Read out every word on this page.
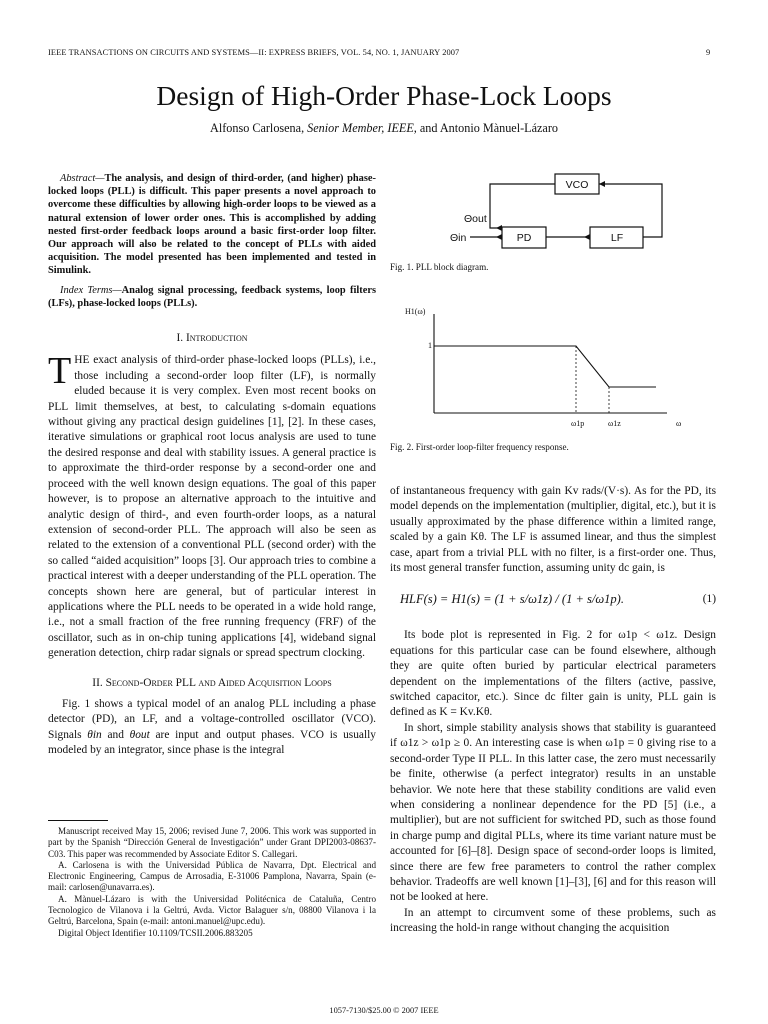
IEEE TRANSACTIONS ON CIRCUITS AND SYSTEMS—II: EXPRESS BRIEFS, VOL. 54, NO. 1, JANUARY 2007	9
Design of High-Order Phase-Lock Loops
Alfonso Carlosena, Senior Member, IEEE, and Antonio Mànuel-Lázaro

Abstract—The analysis, and design of third-order, (and higher) phase-locked loops (PLL) is difficult. This paper presents a novel approach to overcome these difficulties by allowing high-order loops to be viewed as a natural extension of lower order ones. This is accomplished by adding nested first-order feedback loops around a basic first-order loop filter. Our approach will also be related to the concept of PLLs with aided acquisition. The model presented has been implemented and tested in Simulink.

Index Terms—Analog signal processing, feedback systems, loop filters (LFs), phase-locked loops (PLLs).

I. Introduction

THE exact analysis of third-order phase-locked loops (PLLs), i.e., those including a second-order loop filter (LF), is normally eluded because it is very complex. Even most recent books on PLL limit themselves, at best, to calculating s-domain equations without giving any practical design guidelines [1], [2]. In these cases, iterative simulations or graphical root locus analysis are used to tune the desired response and deal with stability issues. A general practice is to approximate the third-order response by a second-order one and proceed with the well known design equations. The goal of this paper however, is to propose an alternative approach to the intuitive and analytic design of third-, and even fourth-order loops, as a natural extension of second-order PLL. The approach will also be seen as related to the extension of a conventional PLL (second order) with the so called “aided acquisition” loops [3]. Our approach tries to combine a practical interest with a deeper understanding of the PLL operation. The concepts shown here are general, but of particular interest in applications where the PLL needs to be operated in a wide hold range, i.e., not a small fraction of the free running frequency (FRF) of the oscillator, such as in on-chip tuning applications [4], wideband signal generation detection, chirp radar signals or spread spectrum clocking.

II. Second-Order PLL and Aided Acquisition Loops

Fig. 1 shows a typical model of an analog PLL including a phase detector (PD), an LF, and a voltage-controlled oscillator (VCO). Signals θin and θout are input and output phases. VCO is usually modeled by an integrator, since phase is the integral

Manuscript received May 15, 2006; revised June 7, 2006. This work was supported in part by the Spanish “Dirección General de Investigación” under Grant DPI2003-08637-C03. This paper was recommended by Associate Editor S. Callegari.

A. Carlosena is with the Universidad Pública de Navarra, Dpt. Electrical and Electronic Engineering, Campus de Arrosadia, E-31006 Pamplona, Navarra, Spain (e-mail: carlosen@unavarra.es).

A. Mànuel-Lázaro is with the Universidad Politécnica de Cataluña, Centro Tecnologico de Vilanova i la Geltrú, Avda. Victor Balaguer s/n, 08800 Vilanova i la Geltrú, Barcelona, Spain (e-mail: antoni.manuel@upc.edu).

Digital Object Identifier 10.1109/TCSII.2006.883205

VCO
PD	LF
Θout
Θin
Fig. 1. PLL block diagram.
H1(ω)
1
ω1p	ω1z	ω
Fig. 2. First-order loop-filter frequency response.

of instantaneous frequency with gain Kv rads/(V·s). As for the PD, its model depends on the implementation (multiplier, digital, etc.), but it is usually approximated by the phase difference within a limited range, scaled by a gain Kθ. The LF is assumed linear, and thus the simplest case, apart from a trivial PLL with no filter, is a first-order one. Thus, its most general transfer function, assuming unity dc gain, is

HLF(s) = H1(s) = (1 + s/ω1z) / (1 + s/ω1p).	(1)

Its bode plot is represented in Fig. 2 for ω1p < ω1z. Design equations for this particular case can be found elsewhere, although they are quite often buried by particular electrical parameters dependent on the implementations of the filters (active, passive, switched capacitor, etc.). Since dc filter gain is unity, PLL gain is defined as K = Kv.Kθ.

In short, simple stability analysis shows that stability is guaranteed if ω1z > ω1p ≥ 0. An interesting case is when ω1p = 0 giving rise to a second-order Type II PLL. In this latter case, the zero must necessarily be finite, otherwise (a perfect integrator) results in an unstable behavior. We note here that these stability conditions are valid even when considering a nonlinear dependence for the PD [5] (i.e., a multiplier), but are not sufficient for switched PD, such as those found in charge pump and digital PLLs, where its time variant nature must be accounted for [6]–[8]. Design space of second-order loops is limited, since there are few free parameters to control the rather complex behavior. Tradeoffs are well known [1]–[3], [6] and for this reason will not be looked at here.

In an attempt to circumvent some of these problems, such as increasing the hold-in range without changing the acquisition

1057-7130/$25.00 © 2007 IEEE
